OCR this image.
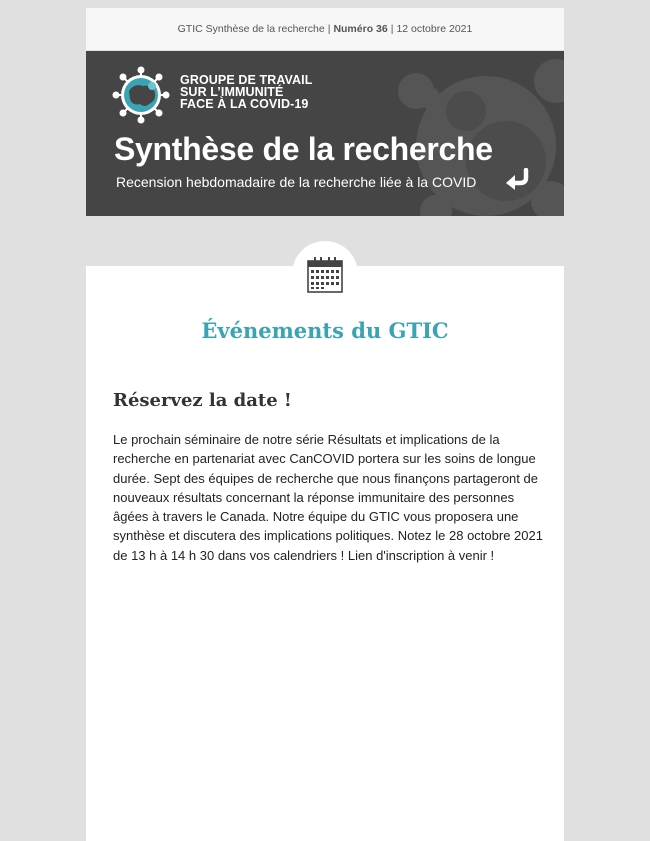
GTIC Synthèse de la recherche | Numéro 36 | 12 octobre 2021
GROUPE DE TRAVAIL
SUR L’IMMUNITÉ
FACE À LA COVID-19
Synthèse de la recherche
Recension hebdomadaire de la recherche liée à la COVID
Événements du GTIC
Réservez la date !
Le prochain séminaire de notre série Résultats et implications de la recherche en partenariat avec CanCOVID portera sur les soins de longue durée. Sept des équipes de recherche que nous finançons partageront de nouveaux résultats concernant la réponse immunitaire des personnes âgées à travers le Canada. Notre équipe du GTIC vous proposera une synthèse et discutera des implications politiques. Notez le 28 octobre 2021 de 13 h à 14 h 30 dans vos calendriers ! Lien d'inscription à venir !
